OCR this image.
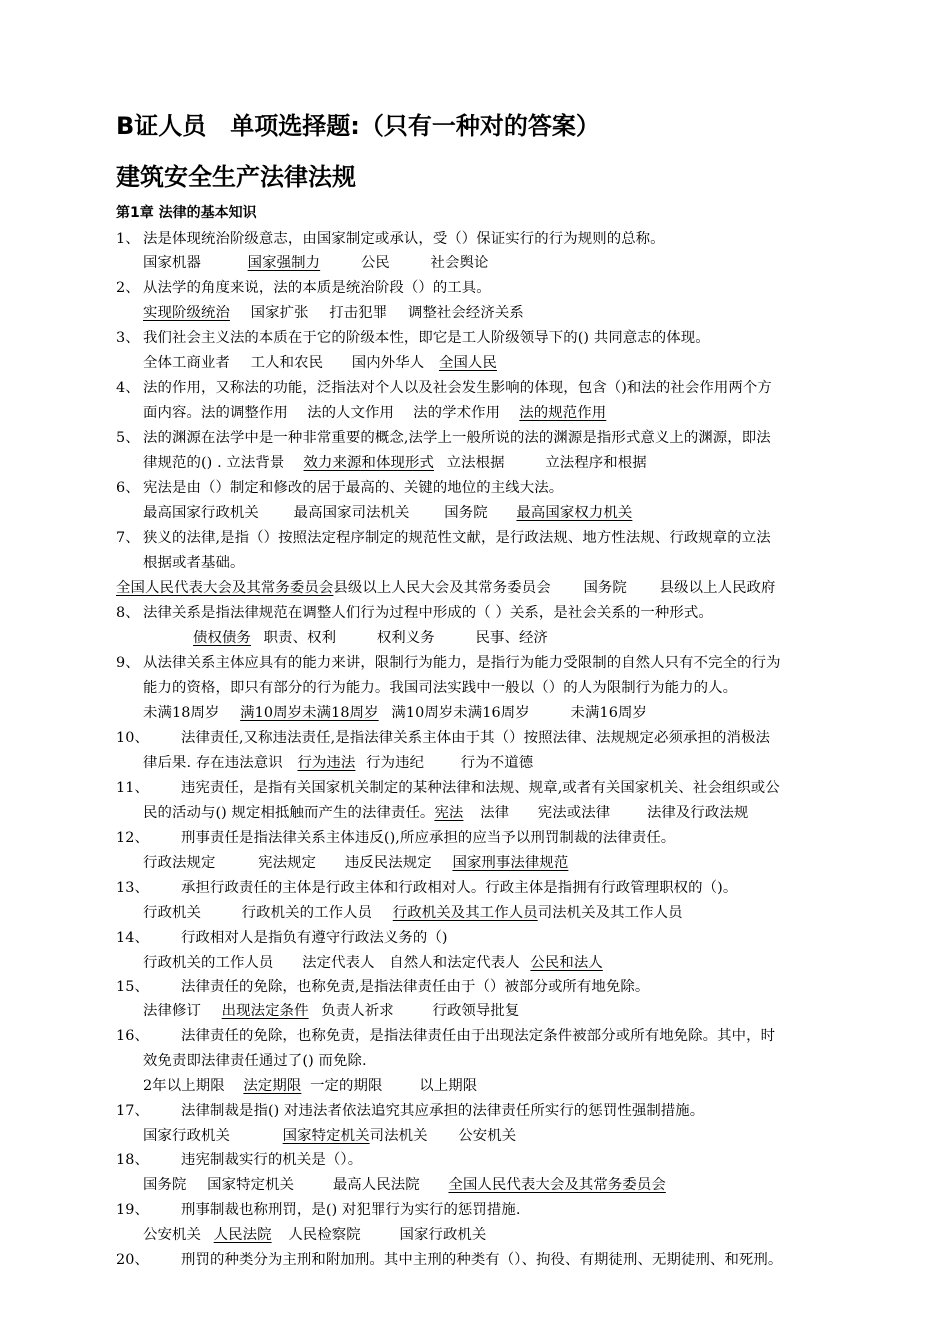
B证人员　单项选择题:（只有一种对的答案）
建筑安全生产法律法规
第1章 法律的基本知识
1、 法是体现统治阶级意志，由国家制定或承认，受（）保证实行的行为规则的总称。
国家机器	国家强制力	公民	社会舆论
2、 从法学的角度来说，法的本质是统治阶段（）的工具。
实现阶级统治 国家扩张 打击犯罪 调整社会经济关系
3、 我们社会主义法的本质在于它的阶级本性，即它是工人阶级领导下的() 共同意志的体现。
全体工商业者 工人和农民 国内外华人 全国人民
4、 法的作用，又称法的功能，泛指法对个人以及社会发生影响的体现，包含（)和法的社会作用两个方
面内容。法的调整作用　 法的人文作用　 法的学术作用　 法的规范作用
5、 法的渊源在法学中是一种非常重要的概念,法学上一般所说的法的渊源是指形式意义上的渊源，即法
律规范的() . 立法背景　 效力来源和体现形式 立法根据	立法程序和根据
6、 宪法是由（）制定和修改的居于最高的、关键的地位的主线大法。
最高国家行政机关 最高国家司法机关 国务院 最高国家权力机关
7、 狭义的法律,是指（）按照法定程序制定的规范性文献，是行政法规、地方性法规、行政规章的立法
根据或者基础。
全国人民代表大会及其常务委员会县级以上人民大会及其常务委员会 国务院 县级以上人民政府
8、 法律关系是指法律规范在调整人们行为过程中形成的（ ）关系，是社会关系的一种形式。
债权债务 职责、权利	权利义务	民事、经济
9、 从法律关系主体应具有的能力来讲，限制行为能力，是指行为能力受限制的自然人只有不完全的行为
能力的资格，即只有部分的行为能力。我国司法实践中一般以（）的人为限制行为能力的人。
未满18周岁 满10周岁未满18周岁 满10周岁未满16周岁	未满16周岁
10、 法律责任,又称违法责任,是指法律关系主体由于其（）按照法律、法规规定必须承担的消极法
律后果. 存在违法意识 行为违法 行为违纪	行为不道德
11、 违宪责任，是指有关国家机关制定的某种法律和法规、规章,或者有关国家机关、社会组织或公
民的活动与() 规定相抵触而产生的法律责任。宪法 法律 宪法或法律	法律及行政法规
12、 刑事责任是指法律关系主体违反(),所应承担的应当予以刑罚制裁的法律责任。
行政法规定	宪法规定 违反民法规定 国家刑事法律规范
13、 承担行政责任的主体是行政主体和行政相对人。行政主体是指拥有行政管理职权的（)。
行政机关	行政机关的工作人员 行政机关及其工作人员司法机关及其工作人员
14、 行政相对人是指负有遵守行政法义务的（)
行政机关的工作人员 法定代表人 自然人和法定代表人 公民和法人
15、 法律责任的免除，也称免责,是指法律责任由于（）被部分或所有地免除。
法律修订 出现法定条件 负责人祈求	行政领导批复
16、 法律责任的免除，也称免责，是指法律责任由于出现法定条件被部分或所有地免除。其中，时
效免责即法律责任通过了() 而免除.
2年以上期限 法定期限 一定的期限	以上期限
17、 法律制裁是指() 对违法者依法追究其应承担的法律责任所实行的惩罚性强制措施。
国家行政机关	国家特定机关司法机关 公安机关
18、 违宪制裁实行的机关是（）。
国务院 国家特定机关	最高人民法院 全国人民代表大会及其常务委员会
19、 刑事制裁也称刑罚，是() 对犯罪行为实行的惩罚措施.
公安机关 人民法院 人民检察院	国家行政机关
20、 刑罚的种类分为主刑和附加刑。其中主刑的种类有（）、拘役、有期徒刑、无期徒刑、和死刑。
